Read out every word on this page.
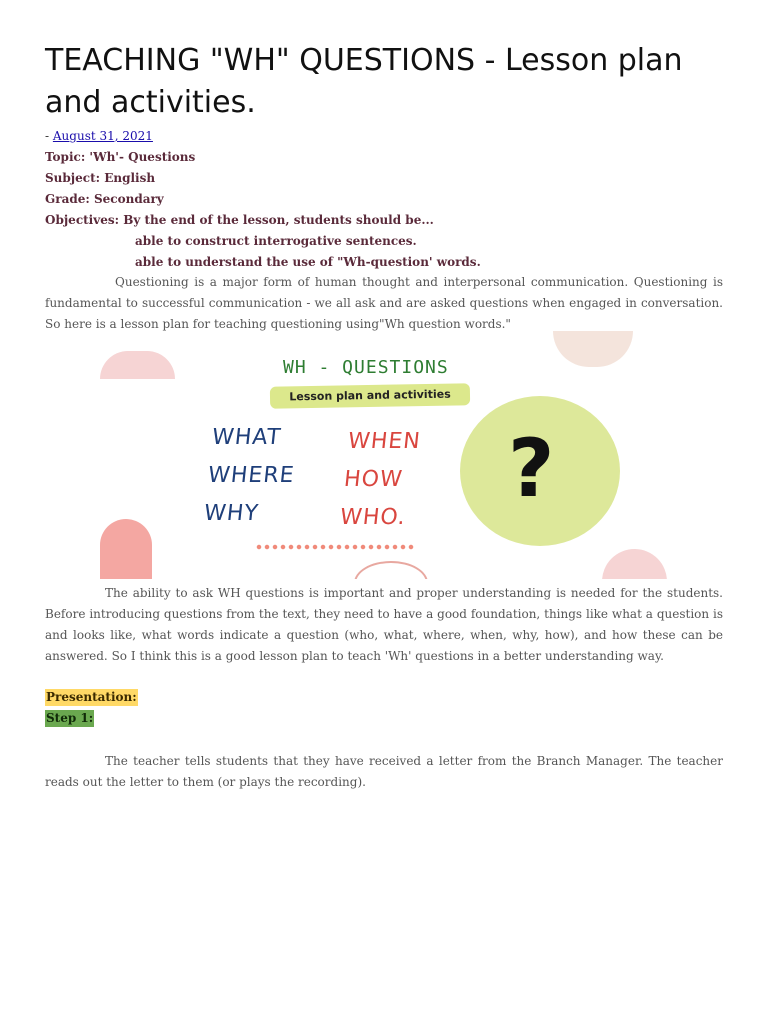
TEACHING "WH" QUESTIONS - Lesson plan and activities.
- August 31, 2021
Topic: 'Wh'- Questions
Subject: English
Grade: Secondary
Objectives: By the end of the lesson, students should be...
able to construct interrogative sentences.
able to understand the use of "Wh-question' words.

Questioning is a major form of human thought and interpersonal communication. Questioning is fundamental to successful communication - we all ask and are asked questions when engaged in conversation. So here is a lesson plan for teaching questioning using"Wh question words."

WH - QUESTIONS
Lesson plan and activities
WHAT
WHERE
WHY
WHEN
HOW
WHO.
?

The ability to ask WH questions is important and proper understanding is needed for the students. Before introducing questions from the text, they need to have a good foundation, things like what a question is and looks like, what words indicate a question (who, what, where, when, why, how), and how these can be answered. So I think this is a good lesson plan to teach 'Wh' questions in a better understanding way.

Presentation:
Step 1:

The teacher tells students that they have received a letter from the Branch Manager. The teacher reads out the letter to them (or plays the recording).
